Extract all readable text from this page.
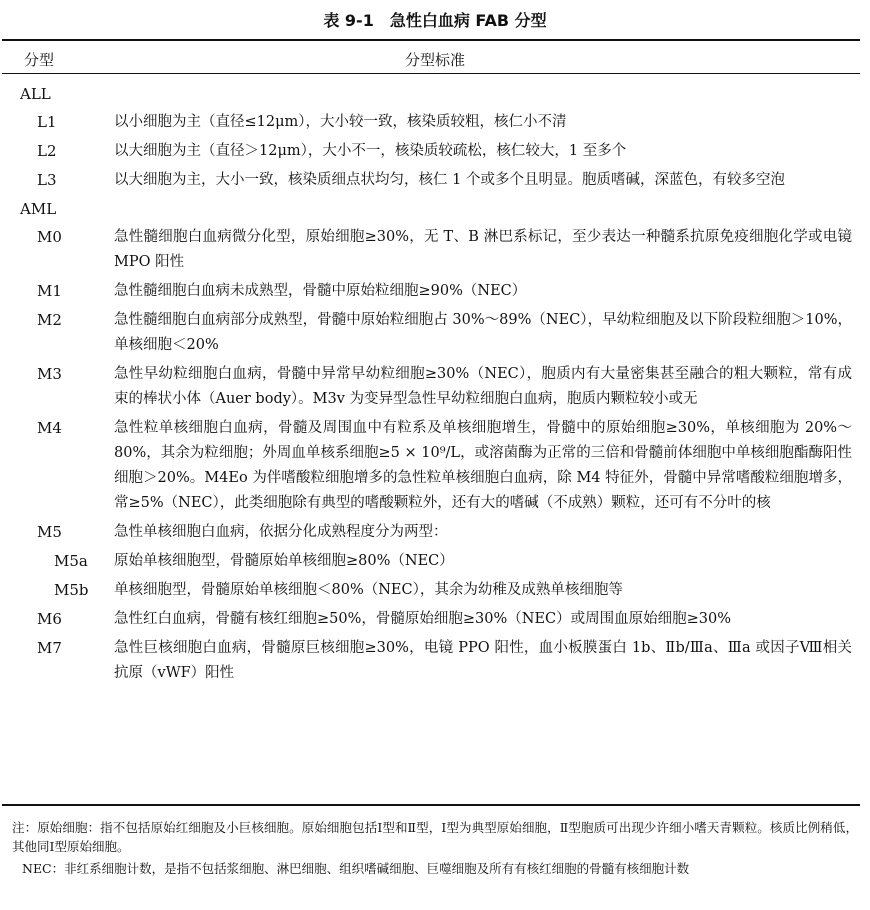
表 9-1　急性白血病 FAB 分型
分型	分型标准
ALL
L1	以小细胞为主（直径≤12μm），大小较一致，核染质较粗，核仁小不清
L2	以大细胞为主（直径＞12μm），大小不一，核染质较疏松，核仁较大，1 至多个
L3	以大细胞为主，大小一致，核染质细点状均匀，核仁 1 个或多个且明显。胞质嗜碱，深蓝色，有较多空泡
AML
M0	急性髓细胞白血病微分化型，原始细胞≥30%，无 T、B 淋巴系标记，至少表达一种髓系抗原免疫细胞化学或电镜 MPO 阳性
M1	急性髓细胞白血病未成熟型，骨髓中原始粒细胞≥90%（NEC）
M2	急性髓细胞白血病部分成熟型，骨髓中原始粒细胞占 30%～89%（NEC），早幼粒细胞及以下阶段粒细胞＞10%，单核细胞＜20%
M3	急性早幼粒细胞白血病，骨髓中异常早幼粒细胞≥30%（NEC），胞质内有大量密集甚至融合的粗大颗粒，常有成束的棒状小体（Auer body）。M3v 为变异型急性早幼粒细胞白血病，胞质内颗粒较小或无
M4	急性粒单核细胞白血病，骨髓及周围血中有粒系及单核细胞增生，骨髓中的原始细胞≥30%，单核细胞为 20%～80%，其余为粒细胞；外周血单核系细胞≥5 × 10⁹/L，或溶菌酶为正常的三倍和骨髓前体细胞中单核细胞酯酶阳性细胞＞20%。M4Eo 为伴嗜酸粒细胞增多的急性粒单核细胞白血病，除 M4 特征外，骨髓中异常嗜酸粒细胞增多，常≥5%（NEC），此类细胞除有典型的嗜酸颗粒外，还有大的嗜碱（不成熟）颗粒，还可有不分叶的核
M5	急性单核细胞白血病，依据分化成熟程度分为两型：
M5a	原始单核细胞型，骨髓原始单核细胞≥80%（NEC）
M5b	单核细胞型，骨髓原始单核细胞＜80%（NEC），其余为幼稚及成熟单核细胞等
M6	急性红白血病，骨髓有核红细胞≥50%，骨髓原始细胞≥30%（NEC）或周围血原始细胞≥30%
M7	急性巨核细胞白血病，骨髓原巨核细胞≥30%，电镜 PPO 阳性，血小板膜蛋白 1b、Ⅱb/Ⅲa、Ⅲa 或因子Ⅷ相关抗原（vWF）阳性
注：原始细胞：指不包括原始红细胞及小巨核细胞。原始细胞包括Ⅰ型和Ⅱ型，Ⅰ型为典型原始细胞，Ⅱ型胞质可出现少许细小嗜天青颗粒。核质比例稍低，其他同Ⅰ型原始细胞。
NEC：非红系细胞计数，是指不包括浆细胞、淋巴细胞、组织嗜碱细胞、巨噬细胞及所有有核红细胞的骨髓有核细胞计数
